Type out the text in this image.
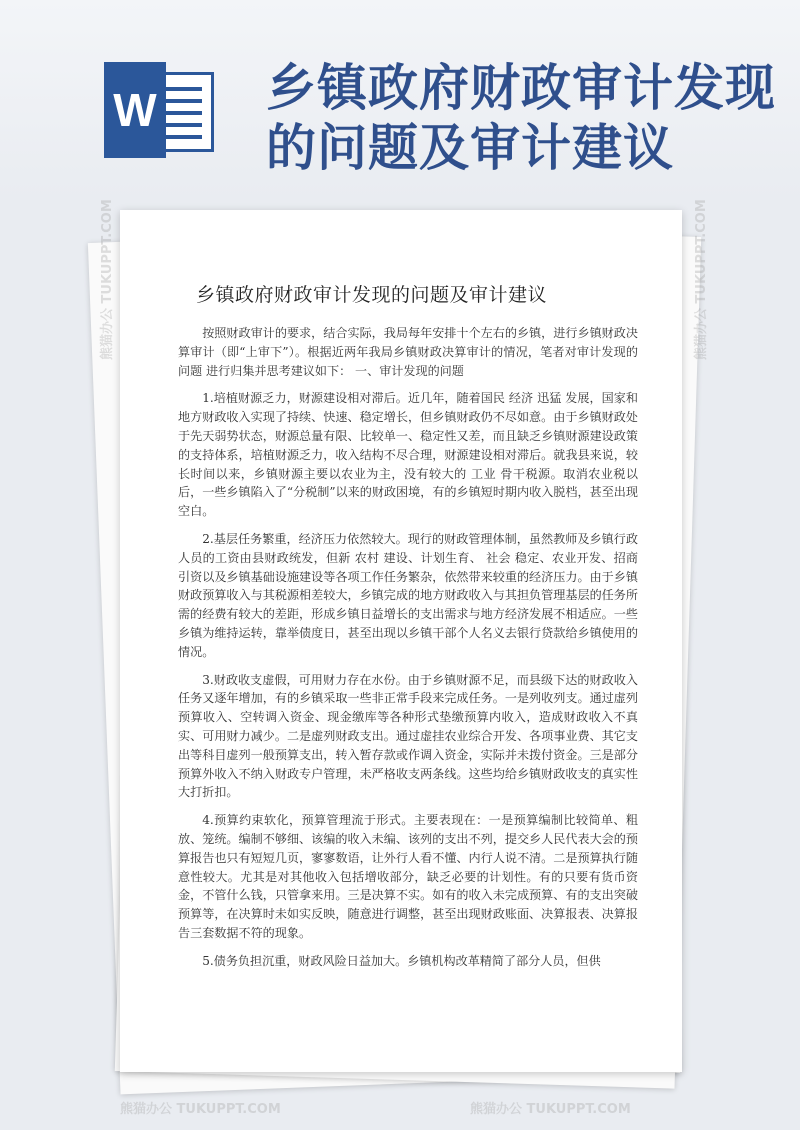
W 乡镇政府财政审计发现的问题及审计建议
乡镇政府财政审计发现的问题及审计建议

按照财政审计的要求，结合实际，我局每年安排十个左右的乡镇，进行乡镇财政决算审计（即“上审下”）。根据近两年我局乡镇财政决算审计的情况，笔者对审计发现的 问题 进行归集并思考建议如下： 一、审计发现的问题

1.培植财源乏力，财源建设相对滞后。近几年，随着国民 经济 迅猛 发展，国家和地方财政收入实现了持续、快速、稳定增长，但乡镇财政仍不尽如意。由于乡镇财政处于先天弱势状态，财源总量有限、比较单一、稳定性又差，而且缺乏乡镇财源建设政策的支持体系，培植财源乏力，收入结构不尽合理，财源建设相对滞后。就我县来说，较长时间以来，乡镇财源主要以农业为主，没有较大的 工业 骨干税源。取消农业税以后，一些乡镇陷入了“分税制”以来的财政困境，有的乡镇短时期内收入脱档，甚至出现空白。

2.基层任务繁重，经济压力依然较大。现行的财政管理体制，虽然教师及乡镇行政人员的工资由县财政统发，但新 农村 建设、计划生育、 社会 稳定、农业开发、招商引资以及乡镇基础设施建设等各项工作任务繁杂，依然带来较重的经济压力。由于乡镇财政预算收入与其税源相差较大，乡镇完成的地方财政收入与其担负管理基层的任务所需的经费有较大的差距，形成乡镇日益增长的支出需求与地方经济发展不相适应。一些乡镇为维持运转，靠举债度日，甚至出现以乡镇干部个人名义去银行贷款给乡镇使用的情况。

3.财政收支虚假，可用财力存在水份。由于乡镇财源不足，而县级下达的财政收入任务又逐年增加，有的乡镇采取一些非正常手段来完成任务。一是列收列支。通过虚列预算收入、空转调入资金、现金缴库等各种形式垫缴预算内收入，造成财政收入不真实、可用财力减少。二是虚列财政支出。通过虚挂农业综合开发、各项事业费、其它支出等科目虚列一般预算支出，转入暂存款或作调入资金，实际并未拨付资金。三是部分预算外收入不纳入财政专户管理，未严格收支两条线。这些均给乡镇财政收支的真实性大打折扣。

4.预算约束软化，预算管理流于形式。主要表现在：一是预算编制比较简单、粗放、笼统。编制不够细、该编的收入未编、该列的支出不列，提交乡人民代表大会的预算报告也只有短短几页，寥寥数语，让外行人看不懂、内行人说不清。二是预算执行随意性较大。尤其是对其他收入包括增收部分，缺乏必要的计划性。有的只要有货币资金，不管什么钱，只管拿来用。三是决算不实。如有的收入未完成预算、有的支出突破预算等，在决算时未如实反映，随意进行调整，甚至出现财政账面、决算报表、决算报告三套数据不符的现象。

5.债务负担沉重，财政风险日益加大。乡镇机构改革精简了部分人员，但供

熊猫办公 TUKUPPT.COM	熊猫办公 TUKUPPT.COM
熊猫办公 TUKUPPT.COM	熊猫办公 TUKUPPT.COM
